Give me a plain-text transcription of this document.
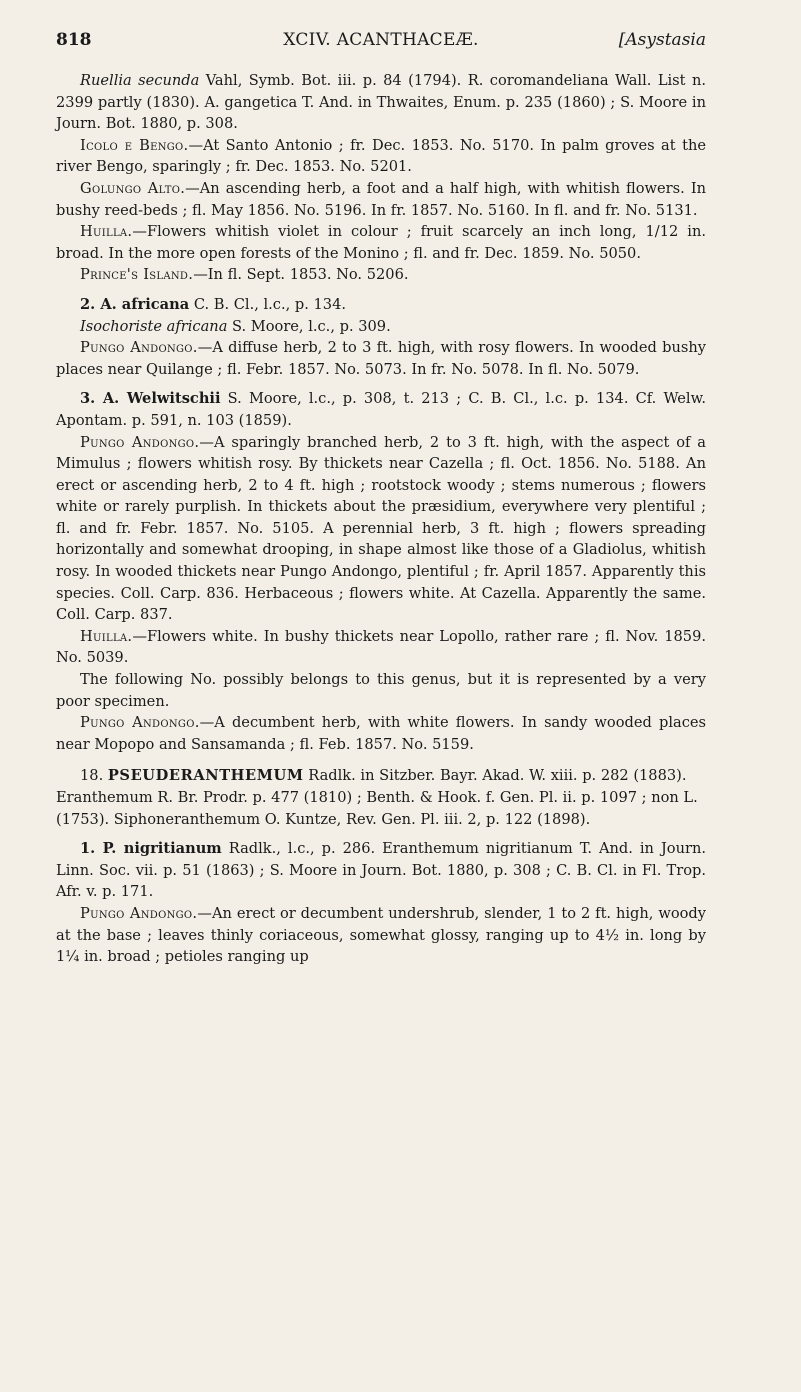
818	XCIV. ACANTHACEÆ.	[Asystasia

Ruellia secunda Vahl, Symb. Bot. iii. p. 84 (1794). R. coromandeliana Wall. List n. 2399 partly (1830). A. gangetica T. And. in Thwaites, Enum. p. 235 (1860) ; S. Moore in Journ. Bot. 1880, p. 308.

Icolo e Bengo.—At Santo Antonio ; fr. Dec. 1853. No. 5170. In palm groves at the river Bengo, sparingly ; fr. Dec. 1853. No. 5201.

Golungo Alto.—An ascending herb, a foot and a half high, with whitish flowers. In bushy reed-beds ; fl. May 1856. No. 5196. In fr. 1857. No. 5160. In fl. and fr. No. 5131.

Huilla.—Flowers whitish violet in colour ; fruit scarcely an inch long, 1/12 in. broad. In the more open forests of the Monino ; fl. and fr. Dec. 1859. No. 5050.

Prince's Island.—In fl. Sept. 1853. No. 5206.

2. A. africana C. B. Cl., l.c., p. 134.

Isochoriste africana S. Moore, l.c., p. 309.

Pungo Andongo.—A diffuse herb, 2 to 3 ft. high, with rosy flowers. In wooded bushy places near Quilange ; fl. Febr. 1857. No. 5073. In fr. No. 5078. In fl. No. 5079.

3. A. Welwitschii S. Moore, l.c., p. 308, t. 213 ; C. B. Cl., l.c. p. 134. Cf. Welw. Apontam. p. 591, n. 103 (1859).

Pungo Andongo.—A sparingly branched herb, 2 to 3 ft. high, with the aspect of a Mimulus ; flowers whitish rosy. By thickets near Cazella ; fl. Oct. 1856. No. 5188. An erect or ascending herb, 2 to 4 ft. high ; rootstock woody ; stems numerous ; flowers white or rarely purplish. In thickets about the præsidium, everywhere very plentiful ; fl. and fr. Febr. 1857. No. 5105. A perennial herb, 3 ft. high ; flowers spreading horizontally and somewhat drooping, in shape almost like those of a Gladiolus, whitish rosy. In wooded thickets near Pungo Andongo, plentiful ; fr. April 1857. Apparently this species. Coll. Carp. 836. Herbaceous ; flowers white. At Cazella. Apparently the same. Coll. Carp. 837.

Huilla.—Flowers white. In bushy thickets near Lopollo, rather rare ; fl. Nov. 1859. No. 5039.

The following No. possibly belongs to this genus, but it is represented by a very poor specimen.

Pungo Andongo.—A decumbent herb, with white flowers. In sandy wooded places near Mopopo and Sansamanda ; fl. Feb. 1857. No. 5159.

18. PSEUDERANTHEMUM Radlk. in Sitzber. Bayr. Akad. W. xiii. p. 282 (1883). Eranthemum R. Br. Prodr. p. 477 (1810) ; Benth. & Hook. f. Gen. Pl. ii. p. 1097 ; non L. (1753). Siphoneranthemum O. Kuntze, Rev. Gen. Pl. iii. 2, p. 122 (1898).

1. P. nigritianum Radlk., l.c., p. 286. Eranthemum nigritianum T. And. in Journ. Linn. Soc. vii. p. 51 (1863) ; S. Moore in Journ. Bot. 1880, p. 308 ; C. B. Cl. in Fl. Trop. Afr. v. p. 171.

Pungo Andongo.—An erect or decumbent undershrub, slender, 1 to 2 ft. high, woody at the base ; leaves thinly coriaceous, somewhat glossy, ranging up to 4½ in. long by 1¼ in. broad ; petioles ranging up
